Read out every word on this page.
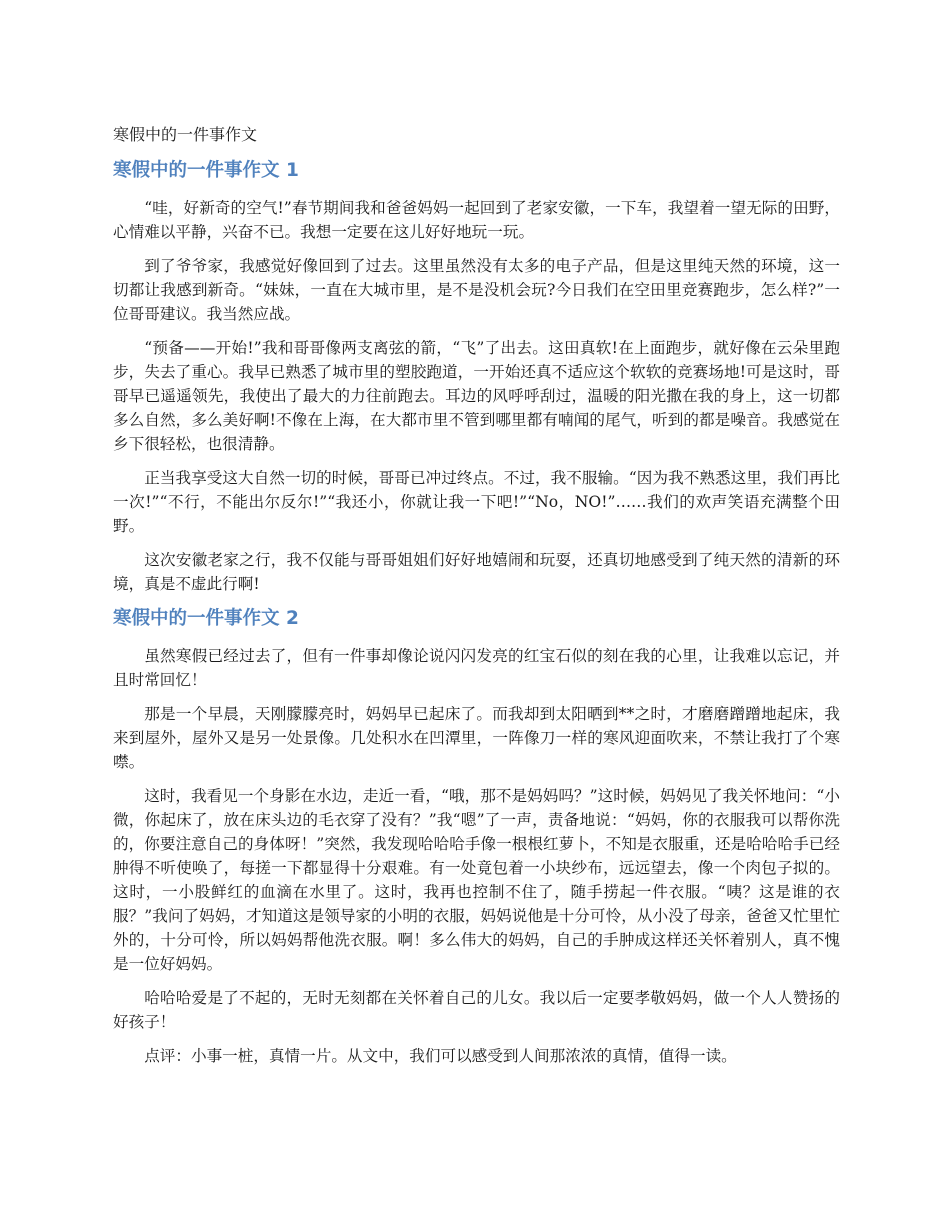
寒假中的一件事作文
寒假中的一件事作文 1

“哇，好新奇的空气!”春节期间我和爸爸妈妈一起回到了老家安徽，一下车，我望着一望无际的田野，心情难以平静，兴奋不已。我想一定要在这儿好好地玩一玩。

到了爷爷家，我感觉好像回到了过去。这里虽然没有太多的电子产品，但是这里纯天然的环境，这一切都让我感到新奇。“妹妹，一直在大城市里，是不是没机会玩?今日我们在空田里竞赛跑步，怎么样?”一位哥哥建议。我当然应战。

“预备——开始!”我和哥哥像两支离弦的箭，“飞”了出去。这田真软!在上面跑步，就好像在云朵里跑步，失去了重心。我早已熟悉了城市里的塑胶跑道，一开始还真不适应这个软软的竞赛场地!可是这时，哥哥早已遥遥领先，我使出了最大的力往前跑去。耳边的风呼呼刮过，温暖的阳光撒在我的身上，这一切都多么自然，多么美好啊!不像在上海，在大都市里不管到哪里都有喃闻的尾气，听到的都是噪音。我感觉在乡下很轻松，也很清静。

正当我享受这大自然一切的时候，哥哥已冲过终点。不过，我不服输。“因为我不熟悉这里，我们再比一次!”“不行，不能出尔反尔!”“我还小，你就让我一下吧!”“No，NO!”……我们的欢声笑语充满整个田野。

这次安徽老家之行，我不仅能与哥哥姐姐们好好地嬉闹和玩耍，还真切地感受到了纯天然的清新的环境，真是不虚此行啊!

寒假中的一件事作文 2

虽然寒假已经过去了，但有一件事却像论说闪闪发亮的红宝石似的刻在我的心里，让我难以忘记，并且时常回忆！

那是一个早晨，天刚朦朦亮时，妈妈早已起床了。而我却到太阳晒到**之时，才磨磨蹭蹭地起床，我来到屋外，屋外又是另一处景像。几处积水在凹潭里，一阵像刀一样的寒风迎面吹来，不禁让我打了个寒噤。

这时，我看见一个身影在水边，走近一看，“哦，那不是妈妈吗？”这时候，妈妈见了我关怀地问：“小微，你起床了，放在床头边的毛衣穿了没有？”我“嗯”了一声，责备地说：“妈妈，你的衣服我可以帮你洗的，你要注意自己的身体呀！”突然，我发现哈哈哈手像一根根红萝卜，不知是衣服重，还是哈哈哈手已经肿得不听使唤了，每搓一下都显得十分艰难。有一处竟包着一小块纱布，远远望去，像一个肉包子拟的。这时，一小股鲜红的血滴在水里了。这时，我再也控制不住了，随手捞起一件衣服。“咦？这是谁的衣服？”我问了妈妈，才知道这是领导家的小明的衣服，妈妈说他是十分可怜，从小没了母亲，爸爸又忙里忙外的，十分可怜，所以妈妈帮他洗衣服。啊！多么伟大的妈妈，自己的手肿成这样还关怀着别人，真不愧是一位好妈妈。

哈哈哈爱是了不起的，无时无刻都在关怀着自己的儿女。我以后一定要孝敬妈妈，做一个人人赞扬的好孩子！

点评：小事一桩，真情一片。从文中，我们可以感受到人间那浓浓的真情，值得一读。
